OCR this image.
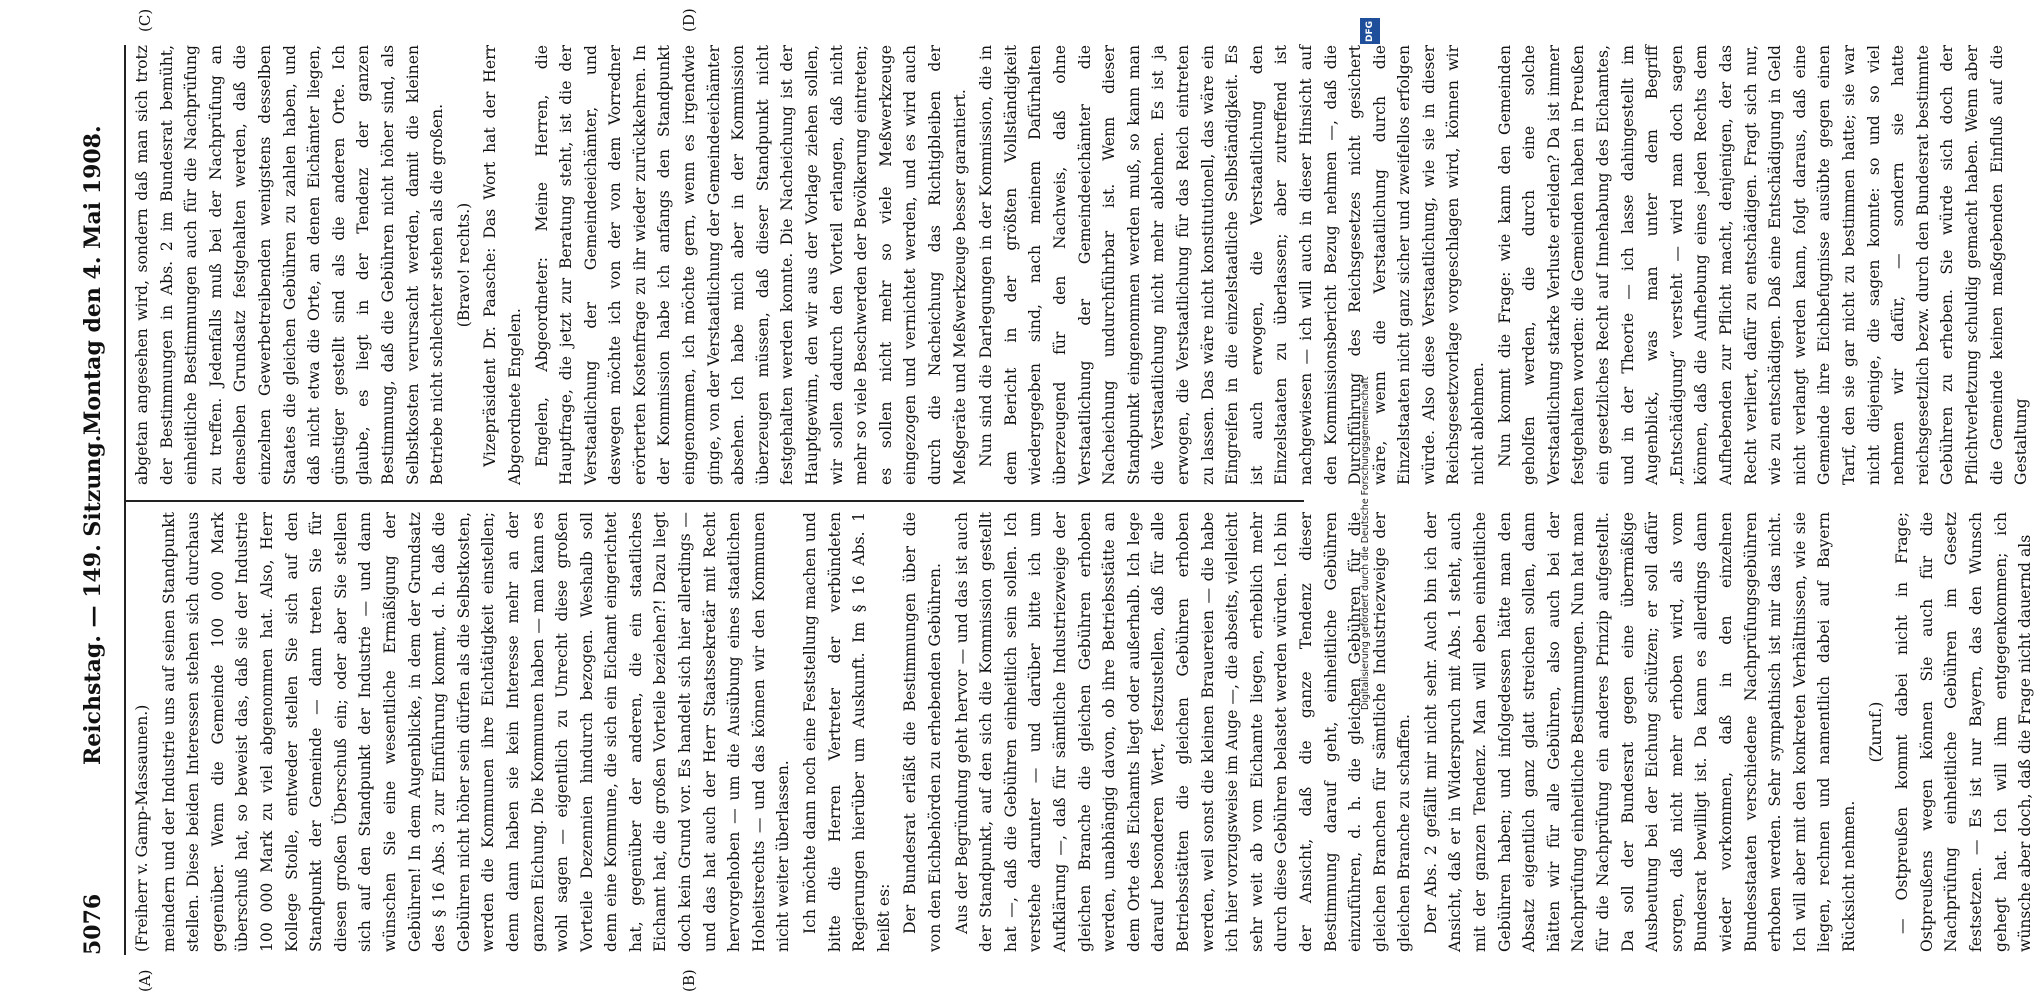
5076
Reichstag. — 149. Sitzung.
Montag den 4. Mai 1908.
(A)	(B)
(C)	(D)

(Freiherr v. Gamp-Massaunen.) meindern und der Industrie uns auf seinen Standpunkt stellen. Diese beiden Interessen stehen sich durchaus gegenüber. Wenn die Gemeinde 100 000 Mark überschuß hat, so beweist das, daß sie der Industrie 100 000 Mark zu viel abgenommen hat. Also, Herr Kollege Stolle, entweder stellen Sie sich auf den Standpunkt der Gemeinde — dann treten Sie für diesen großen Überschuß ein; oder aber Sie stellen sich auf den Standpunkt der Industrie — und dann wünschen Sie eine wesentliche Ermäßigung der Gebühren! In dem Augenblicke, in dem der Grundsatz des § 16 Abs. 3 zur Einführung kommt, d. h. daß die Gebühren nicht höher sein dürfen als die Selbstkosten, werden die Kommunen ihre Eichtätigkeit einstellen; denn dann haben sie kein Interesse mehr an der ganzen Eichung. Die Kommunen haben — man kann es wohl sagen — eigentlich zu Unrecht diese großen Vorteile Dezennien hindurch bezogen. Weshalb soll denn eine Kommune, die sich ein Eichamt eingerichtet hat, gegenüber der anderen, die ein staatliches Eichamt hat, die großen Vorteile beziehen?! Dazu liegt doch kein Grund vor. Es handelt sich hier allerdings — und das hat auch der Herr Staatssekretär mit Recht hervorgehoben — um die Ausübung eines staatlichen Hoheitsrechts — und das können wir den Kommunen nicht weiter überlassen. Ich möchte dann noch eine Feststellung machen und bitte die Herren Vertreter der verbündeten Regierungen hierüber um Auskunft. Im § 16 Abs. 1 heißt es: Der Bundesrat erläßt die Bestimmungen über die von den Eichbehörden zu erhebenden Gebühren. Aus der Begründung geht hervor — und das ist auch der Standpunkt, auf den sich die Kommission gestellt hat —, daß die Gebühren einheitlich sein sollen. Ich verstehe darunter — und darüber bitte ich um Aufklärung —, daß für sämtliche Industriezweige der gleichen Branche die gleichen Gebühren erhoben werden, unabhängig davon, ob ihre Betriebsstätte an dem Orte des Eichamts liegt oder außerhalb. Ich lege darauf besonderen Wert, festzustellen, daß für alle Betriebsstätten die gleichen Gebühren erhoben werden, weil sonst die kleinen Brauereien — die habe ich hier vorzugsweise im Auge —, die abseits, vielleicht sehr weit ab vom Eichamte liegen, erheblich mehr durch diese Gebühren belastet werden würden. Ich bin der Ansicht, daß die ganze Tendenz dieser Bestimmung darauf geht, einheitliche Gebühren einzuführen, d. h. die gleichen Gebühren für die gleichen Branchen für sämtliche Industriezweige der gleichen Branche zu schaffen. Der Abs. 2 gefällt mir nicht sehr. Auch bin ich der Ansicht, daß er in Widerspruch mit Abs. 1 steht, auch mit der ganzen Tendenz. Man will eben einheitliche Gebühren haben; und infolgedessen hätte man den Absatz eigentlich ganz glatt streichen sollen, dann hätten wir für alle Gebühren, also auch bei der Nachprüfung einheitliche Bestimmungen. Nun hat man für die Nachprüfung ein anderes Prinzip aufgestellt. Da soll der Bundesrat gegen eine übermäßige Ausbeutung bei der Eichung schützen; er soll dafür sorgen, daß nicht mehr erhoben wird, als vom Bundesrat bewilligt ist. Da kann es allerdings dann wieder vorkommen, daß in den einzelnen Bundesstaaten verschiedene Nachprüfungsgebühren erhoben werden. Sehr sympathisch ist mir das nicht. Ich will aber mit den konkreten Verhältnissen, wie sie liegen, rechnen und namentlich dabei auf Bayern Rücksicht nehmen.

(Zuruf.) — Ostpreußen kommt dabei nicht in Frage; Ostpreußens wegen können Sie auch für die Nachprüfung einheitliche Gebühren im Gesetz festsetzen. — Es ist nur Bayern, das den Wunsch gehegt hat. Ich will ihm entgegenkommen; ich wünsche aber doch, daß die Frage nicht dauernd als

abgetan angesehen wird, sondern daß man sich trotz der Bestimmungen in Abs. 2 im Bundesrat bemüht, einheitliche Bestimmungen auch für die Nachprüfung zu treffen. Jedenfalls muß bei der Nachprüfung an denselben Grundsatz festgehalten werden, daß die einzelnen Gewerbetreibenden wenigstens desselben Staates die gleichen Gebühren zu zahlen haben, und daß nicht etwa die Orte, an denen Eichämter liegen, günstiger gestellt sind als die anderen Orte. Ich glaube, es liegt in der Tendenz der ganzen Bestimmung, daß die Gebühren nicht höher sind, als Selbstkosten verursacht werden, damit die kleinen Betriebe nicht schlechter stehen als die großen. (Bravo! rechts.) Vizepräsident Dr. Paasche: Das Wort hat der Herr Abgeordnete Engelen. Engelen, Abgeordneter: Meine Herren, die Hauptfrage, die jetzt zur Beratung steht, ist die der Verstaatlichung der Gemeindeeichämter, und deswegen möchte ich von der von dem Vorredner erörterten Kostenfrage zu ihr wieder zurückkehren. In der Kommission habe ich anfangs den Standpunkt eingenommen, ich möchte gern, wenn es irgendwie ginge, von der Verstaatlichung der Gemeindeeichämter absehen. Ich habe mich aber in der Kommission überzeugen müssen, daß dieser Standpunkt nicht festgehalten werden konnte. Die Nacheichung ist der Hauptgewinn, den wir aus der Vorlage ziehen sollen, wir sollen dadurch den Vorteil erlangen, daß nicht mehr so viele Beschwerden der Bevölkerung eintreten; es sollen nicht mehr so viele Meßwerkzeuge eingezogen und vernichtet werden, und es wird auch durch die Nacheichung das Richtigbleiben der Meßgeräte und Meßwerkzeuge besser garantiert. Nun sind die Darlegungen in der Kommission, die in dem Bericht in der größten Vollständigkeit wiedergegeben sind, nach meinem Dafürhalten überzeugend für den Nachweis, daß ohne Verstaatlichung der Gemeindeeichämter die Nacheichung undurchführbar ist. Wenn dieser Standpunkt eingenommen werden muß, so kann man die Verstaatlichung nicht mehr ablehnen. Es ist ja erwogen, die Verstaatlichung für das Reich eintreten zu lassen. Das wäre nicht konstitutionell, das wäre ein Eingreifen in die einzelstaatliche Selbständigkeit. Es ist auch erwogen, die Verstaatlichung den Einzelstaaten zu überlassen; aber zutreffend ist nachgewiesen — ich will auch in dieser Hinsicht auf den Kommissionsbericht Bezug nehmen —, daß die Durchführung des Reichsgesetzes nicht gesichert wäre, wenn die Verstaatlichung durch die Einzelstaaten nicht ganz sicher und zweifellos erfolgen würde. Also diese Verstaatlichung, wie sie in dieser Reichsgesetzvorlage vorgeschlagen wird, können wir nicht ablehnen. Nun kommt die Frage: wie kann den Gemeinden geholfen werden, die durch eine solche Verstaatlichung starke Verluste erleiden? Da ist immer festgehalten worden: die Gemeinden haben in Preußen ein gesetzliches Recht auf Innehabung des Eichamtes, und in der Theorie — ich lasse dahingestellt im Augenblick, was man unter dem Begriff „Entschädigung“ versteht — wird man doch sagen können, daß die Aufhebung eines jeden Rechts dem Aufhebenden zur Pflicht macht, denjenigen, der das Recht verliert, dafür zu entschädigen. Fragt sich nur, wie zu entschädigen. Daß eine Entschädigung in Geld nicht verlangt werden kann, folgt daraus, daß eine Gemeinde ihre Eichbefugnisse ausübte gegen einen Tarif, den sie gar nicht zu bestimmen hatte; sie war nicht diejenige, die sagen konnte: so und so viel nehmen wir dafür, — sondern sie hatte reichsgesetzlich bezw. durch den Bundesrat bestimmte Gebühren zu erheben. Sie würde sich doch der Pflichtverletzung schuldig gemacht haben. Wenn aber die Gemeinde keinen maßgebenden Einfluß auf die Gestaltung

DFG
Digitalisierung gefördert durch die Deutsche Forschungsgemeinschaft
